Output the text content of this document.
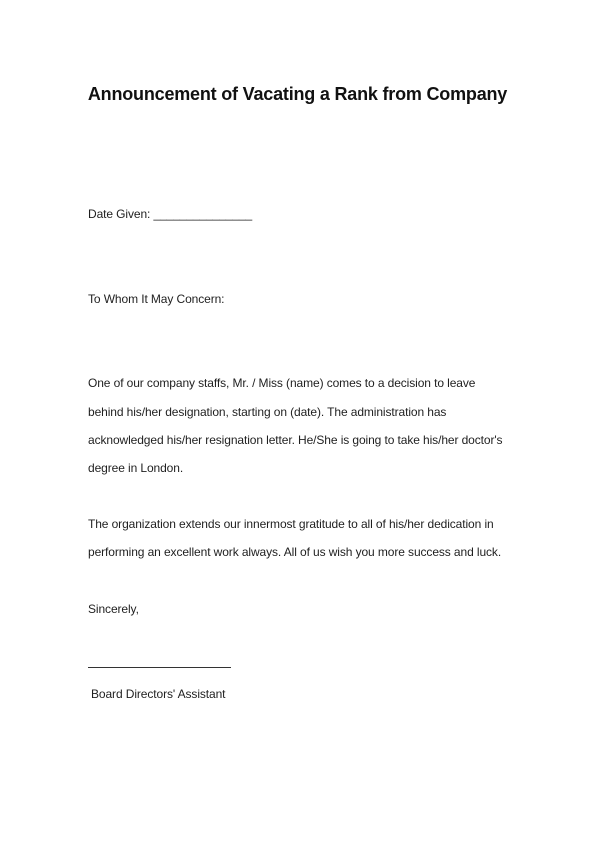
Announcement of Vacating a Rank from Company
Date Given: _______________
To Whom It May Concern:
One of our company staffs, Mr. / Miss (name) comes to a decision to leave
behind his/her designation, starting on (date). The administration has
acknowledged his/her resignation letter. He/She is going to take his/her doctor's
degree in London.
The organization extends our innermost gratitude to all of his/her dedication in
performing an excellent work always. All of us wish you more success and luck.
Sincerely,
Board Directors' Assistant
